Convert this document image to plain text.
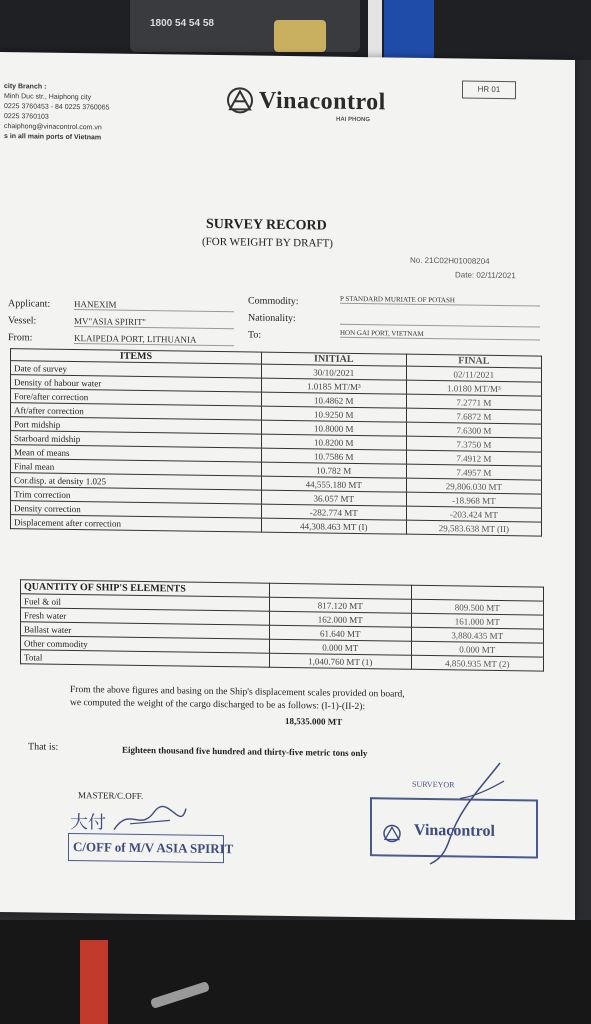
1800 54 54 58
city Branch :
Minh Duc str., Haiphong city
0225 3760453 - 84 0225 3760065
0225 3760103
chaiphong@vinacontrol.com.vn
s in all main ports of Vietnam
Vinacontrol
HAI PHONG
HR 01
SURVEY RECORD
(FOR WEIGHT BY DRAFT)
No. 21C02H01008204
Date: 02/11/2021
Applicant:	HANEXIM
Vessel:	MV"ASIA SPIRIT"
From:	KLAIPEDA PORT, LITHUANIA
Commodity:	P STANDARD MURIATE OF POTASH
Nationality:
To:	HON GAI PORT, VIETNAM
ITEMS	INITIAL	FINAL
Date of survey	30/10/2021	02/11/2021
Density of habour water	1.0185 MT/M³	1.0180 MT/M³
Fore/after correction	10.4862 M	7.2771 M
Aft/after correction	10.9250 M	7.6872 M
Port midship	10.8000 M	7.6300 M
Starboard midship	10.8200 M	7.3750 M
Mean of means	10.7586 M	7.4912 M
Final mean	10.782 M	7.4957 M
Cor.disp. at density 1.025	44,555.180 MT	29,806.030 MT
Trim correction	36.057 MT	-18.968 MT
Density correction	-282.774 MT	-203.424 MT
Displacement after correction	44,308.463 MT (I)	29,583.638 MT (II)
QUANTITY OF SHIP'S ELEMENTS		
Fuel & oil	817.120 MT	809.500 MT
Fresh water	162.000 MT	161.000 MT
Ballast water	61.640 MT	3,880.435 MT
Other commodity	0.000 MT	0.000 MT
Total	1,040.760 MT (1)	4,850.935 MT (2)
From the above figures and basing on the Ship's displacement scales provided on board,
we computed the weight of the cargo discharged to be as follows: (I-1)-(II-2):
18,535.000 MT
That is:	Eighteen thousand five hundred and thirty-five metric tons only
MASTER/C.OFF.
大付
C/OFF of M/V ASIA SPIRIT
SURVEYOR
Vinacontrol
